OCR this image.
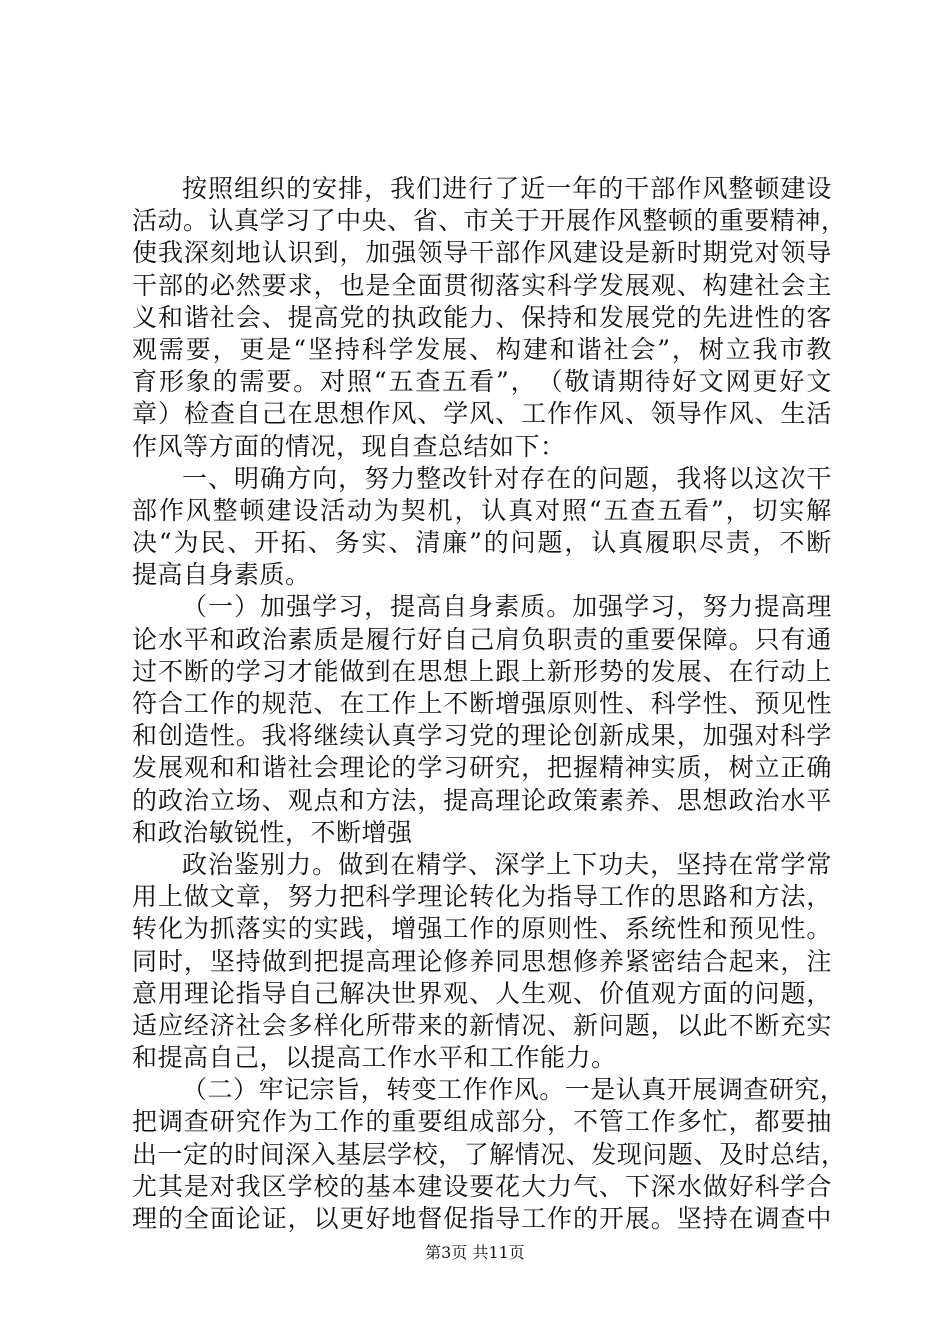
按 照 组 织 的 安 排 ， 我 们 进 行 了 近 一 年 的 干 部 作 风 整 顿 建 设
活 动 。 认 真 学 习 了 中 央 、 省 、 市 关 于 开 展 作 风 整 顿 的 重 要 精 神 ，
使 我 深 刻 地 认 识 到 ， 加 强 领 导 干 部 作 风 建 设 是 新 时 期 党 对 领 导
干 部 的 必 然 要 求 ， 也 是 全 面 贯 彻 落 实 科 学 发 展 观 、 构 建 社 会 主
义 和 谐 社 会 、 提 高 党 的 执 政 能 力 、 保 持 和 发 展 党 的 先 进 性 的 客
观 需 要 ， 更 是 “ 坚 持 科 学 发 展 、 构 建 和 谐 社 会 ” ， 树 立 我 市 教
育 形 象 的 需 要 。 对 照 “ 五 查 五 看 ” ， （ 敬 请 期 待 好 文 网 更 好 文
章 ） 检 查 自 己 在 思 想 作 风 、 学 风 、 工 作 作 风 、 领 导 作 风 、 生 活
作风等方面的情况，现自查总结如下：
一 、 明 确 方 向 ， 努 力 整 改 针 对 存 在 的 问 题 ， 我 将 以 这 次 干
部 作 风 整 顿 建 设 活 动 为 契 机 ， 认 真 对 照 “ 五 查 五 看 ” ， 切 实 解
决 “ 为 民 、 开 拓 、 务 实 、 清 廉 ” 的 问 题 ， 认 真 履 职 尽 责 ， 不 断
提高自身素质。
（ 一 ） 加 强 学 习 ， 提 高 自 身 素 质 。 加 强 学 习 ， 努 力 提 高 理
论 水 平 和 政 治 素 质 是 履 行 好 自 己 肩 负 职 责 的 重 要 保 障 。 只 有 通
过 不 断 的 学 习 才 能 做 到 在 思 想 上 跟 上 新 形 势 的 发 展 、 在 行 动 上
符 合 工 作 的 规 范 、 在 工 作 上 不 断 增 强 原 则 性 、 科 学 性 、 预 见 性
和 创 造 性 。 我 将 继 续 认 真 学 习 党 的 理 论 创 新 成 果 ， 加 强 对 科 学
发 展 观 和 和 谐 社 会 理 论 的 学 习 研 究 ， 把 握 精 神 实 质 ， 树 立 正 确
的 政 治 立 场 、 观 点 和 方 法 ， 提 高 理 论 政 策 素 养 、 思 想 政 治 水 平
和政治敏锐性，不断增强
政 治 鉴 别 力 。 做 到 在 精 学 、 深 学 上 下 功 夫 ， 坚 持 在 常 学 常
用 上 做 文 章 ， 努 力 把 科 学 理 论 转 化 为 指 导 工 作 的 思 路 和 方 法 ，
转 化 为 抓 落 实 的 实 践 ， 增 强 工 作 的 原 则 性 、 系 统 性 和 预 见 性 。
同 时 ， 坚 持 做 到 把 提 高 理 论 修 养 同 思 想 修 养 紧 密 结 合 起 来 ， 注
意 用 理 论 指 导 自 己 解 决 世 界 观 、 人 生 观 、 价 值 观 方 面 的 问 题 ，
适 应 经 济 社 会 多 样 化 所 带 来 的 新 情 况 、 新 问 题 ， 以 此 不 断 充 实
和提高自己，以提高工作水平和工作能力。
（ 二 ） 牢 记 宗 旨 ， 转 变 工 作 作 风 。 一 是 认 真 开 展 调 查 研 究 ，
把 调 查 研 究 作 为 工 作 的 重 要 组 成 部 分 ， 不 管 工 作 多 忙 ， 都 要 抽
出 一 定 的 时 间 深 入 基 层 学 校 ， 了 解 情 况 、 发 现 问 题 、 及 时 总 结 ，
尤 其 是 对 我 区 学 校 的 基 本 建 设 要 花 大 力 气 、 下 深 水 做 好 科 学 合
理 的 全 面 论 证 ， 以 更 好 地 督 促 指 导 工 作 的 开 展 。 坚 持 在 调 查 中
第3页 共11页
